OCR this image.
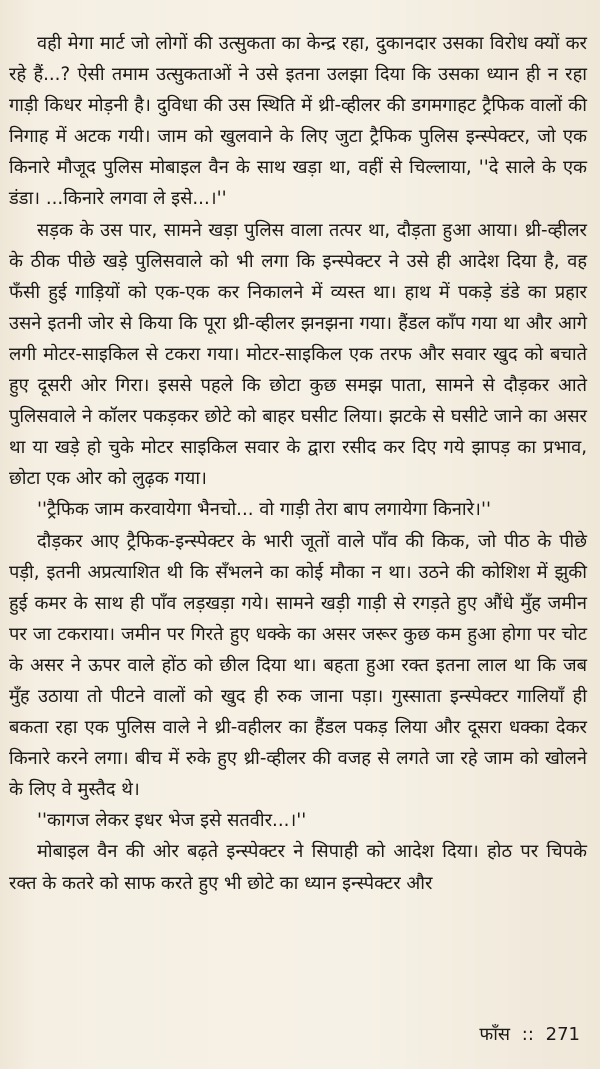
वही मेगा मार्ट जो लोगों की उत्सुकता का केन्द्र रहा, दुकानदार उसका विरोध क्यों कर रहे हैं...? ऐसी तमाम उत्सुकताओं ने उसे इतना उलझा दिया कि उसका ध्यान ही न रहा गाड़ी किधर मोड़नी है। दुविधा की उस स्थिति में थ्री-व्हीलर की डगमगाहट ट्रैफिक वालों की निगाह में अटक गयी। जाम को खुलवाने के लिए जुटा ट्रैफिक पुलिस इन्स्पेक्टर, जो एक किनारे मौजूद पुलिस मोबाइल वैन के साथ खड़ा था, वहीं से चिल्लाया, ''दे साले के एक डंडा। ...किनारे लगवा ले इसे...।''

सड़क के उस पार, सामने खड़ा पुलिस वाला तत्पर था, दौड़ता हुआ आया। थ्री-व्हीलर के ठीक पीछे खड़े पुलिसवाले को भी लगा कि इन्स्पेक्टर ने उसे ही आदेश दिया है, वह फँसी हुई गाड़ियों को एक-एक कर निकालने में व्यस्त था। हाथ में पकड़े डंडे का प्रहार उसने इतनी जोर से किया कि पूरा थ्री-व्हीलर झनझना गया। हैंडल काँप गया था और आगे लगी मोटर-साइकिल से टकरा गया। मोटर-साइकिल एक तरफ और सवार खुद को बचाते हुए दूसरी ओर गिरा। इससे पहले कि छोटा कुछ समझ पाता, सामने से दौड़कर आते पुलिसवाले ने कॉलर पकड़कर छोटे को बाहर घसीट लिया। झटके से घसीटे जाने का असर था या खड़े हो चुके मोटर साइकिल सवार के द्वारा रसीद कर दिए गये झापड़ का प्रभाव, छोटा एक ओर को लुढ़क गया।

''ट्रैफिक जाम करवायेगा भैनचो... वो गाड़ी तेरा बाप लगायेगा किनारे।''

दौड़कर आए ट्रैफिक-इन्स्पेक्टर के भारी जूतों वाले पाँव की किक, जो पीठ के पीछे पड़ी, इतनी अप्रत्याशित थी कि सँभलने का कोई मौका न था। उठने की कोशिश में झुकी हुई कमर के साथ ही पाँव लड़खड़ा गये। सामने खड़ी गाड़ी से रगड़ते हुए औंधे मुँह जमीन पर जा टकराया। जमीन पर गिरते हुए धक्के का असर जरूर कुछ कम हुआ होगा पर चोट के असर ने ऊपर वाले होंठ को छील दिया था। बहता हुआ रक्त इतना लाल था कि जब मुँह उठाया तो पीटने वालों को खुद ही रुक जाना पड़ा। गुस्साता इन्स्पेक्टर गालियाँ ही बकता रहा एक पुलिस वाले ने थ्री-वहीलर का हैंडल पकड़ लिया और दूसरा धक्का देकर किनारे करने लगा। बीच में रुके हुए थ्री-व्हीलर की वजह से लगते जा रहे जाम को खोलने के लिए वे मुस्तैद थे।

''कागज लेकर इधर भेज इसे सतवीर...।''

मोबाइल वैन की ओर बढ़ते इन्स्पेक्टर ने सिपाही को आदेश दिया। होठ पर चिपके रक्त के कतरे को साफ करते हुए भी छोटे का ध्यान इन्स्पेक्टर और

फाँस :: 271
